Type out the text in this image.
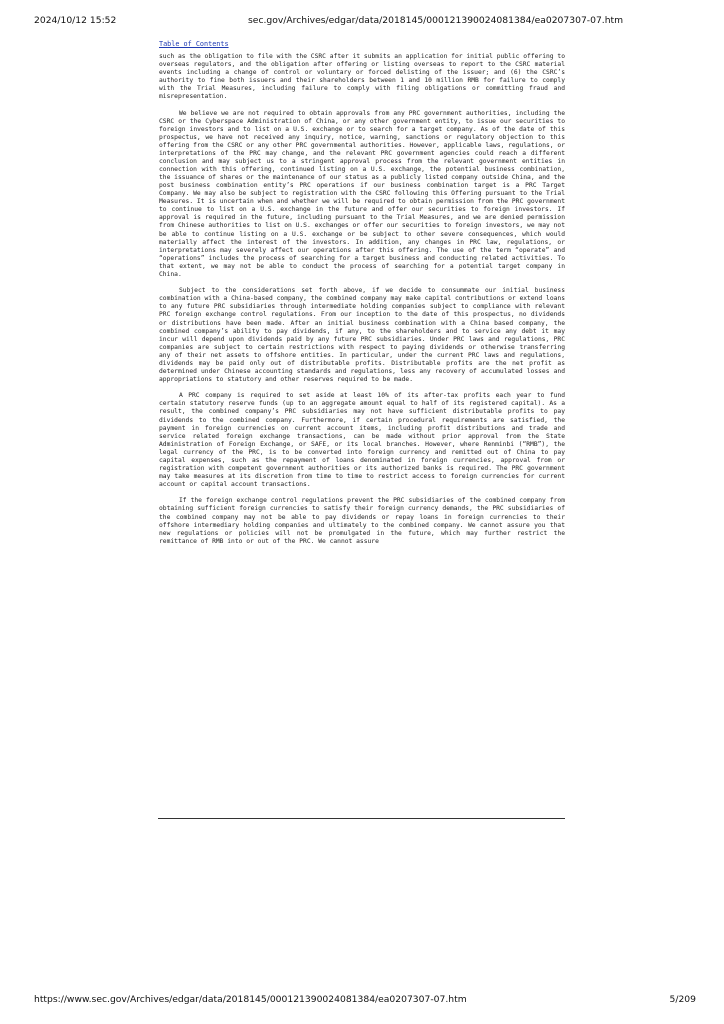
2024/10/12 15:52	sec.gov/Archives/edgar/data/2018145/000121390024081384/ea0207307-07.htm
Table of Contents

such as the obligation to file with the CSRC after it submits an application for initial public offering to overseas regulators, and the obligation after offering or listing overseas to report to the CSRC material events including a change of control or voluntary or forced delisting of the issuer; and (6) the CSRC’s authority to fine both issuers and their shareholders between 1 and 10 million RMB for failure to comply with the Trial Measures, including failure to comply with filing obligations or committing fraud and misrepresentation.

We believe we are not required to obtain approvals from any PRC government authorities, including the CSRC or the Cyberspace Administration of China, or any other government entity, to issue our securities to foreign investors and to list on a U.S. exchange or to search for a target company. As of the date of this prospectus, we have not received any inquiry, notice, warning, sanctions or regulatory objection to this offering from the CSRC or any other PRC governmental authorities. However, applicable laws, regulations, or interpretations of the PRC may change, and the relevant PRC government agencies could reach a different conclusion and may subject us to a stringent approval process from the relevant government entities in connection with this offering, continued listing on a U.S. exchange, the potential business combination, the issuance of shares or the maintenance of our status as a publicly listed company outside China, and the post business combination entity’s PRC operations if our business combination target is a PRC Target Company. We may also be subject to registration with the CSRC following this Offering pursuant to the Trial Measures. It is uncertain when and whether we will be required to obtain permission from the PRC government to continue to list on a U.S. exchange in the future and offer our securities to foreign investors. If approval is required in the future, including pursuant to the Trial Measures, and we are denied permission from Chinese authorities to list on U.S. exchanges or offer our securities to foreign investors, we may not be able to continue listing on a U.S. exchange or be subject to other severe consequences, which would materially affect the interest of the investors. In addition, any changes in PRC law, regulations, or interpretations may severely affect our operations after this offering. The use of the term “operate” and “operations” includes the process of searching for a target business and conducting related activities. To that extent, we may not be able to conduct the process of searching for a potential target company in China.

Subject to the considerations set forth above, if we decide to consummate our initial business combination with a China-based company, the combined company may make capital contributions or extend loans to any future PRC subsidiaries through intermediate holding companies subject to compliance with relevant PRC foreign exchange control regulations. From our inception to the date of this prospectus, no dividends or distributions have been made. After an initial business combination with a China based company, the combined company’s ability to pay dividends, if any, to the shareholders and to service any debt it may incur will depend upon dividends paid by any future PRC subsidiaries. Under PRC laws and regulations, PRC companies are subject to certain restrictions with respect to paying dividends or otherwise transferring any of their net assets to offshore entities. In particular, under the current PRC laws and regulations, dividends may be paid only out of distributable profits. Distributable profits are the net profit as determined under Chinese accounting standards and regulations, less any recovery of accumulated losses and appropriations to statutory and other reserves required to be made.

A PRC company is required to set aside at least 10% of its after-tax profits each year to fund certain statutory reserve funds (up to an aggregate amount equal to half of its registered capital). As a result, the combined company’s PRC subsidiaries may not have sufficient distributable profits to pay dividends to the combined company. Furthermore, if certain procedural requirements are satisfied, the payment in foreign currencies on current account items, including profit distributions and trade and service related foreign exchange transactions, can be made without prior approval from the State Administration of Foreign Exchange, or SAFE, or its local branches. However, where Renminbi (“RMB”), the legal currency of the PRC, is to be converted into foreign currency and remitted out of China to pay capital expenses, such as the repayment of loans denominated in foreign currencies, approval from or registration with competent government authorities or its authorized banks is required. The PRC government may take measures at its discretion from time to time to restrict access to foreign currencies for current account or capital account transactions.

If the foreign exchange control regulations prevent the PRC subsidiaries of the combined company from obtaining sufficient foreign currencies to satisfy their foreign currency demands, the PRC subsidiaries of the combined company may not be able to pay dividends or repay loans in foreign currencies to their offshore intermediary holding companies and ultimately to the combined company. We cannot assure you that new regulations or policies will not be promulgated in the future, which may further restrict the remittance of RMB into or out of the PRC. We cannot assure

https://www.sec.gov/Archives/edgar/data/2018145/000121390024081384/ea0207307-07.htm	5/209
